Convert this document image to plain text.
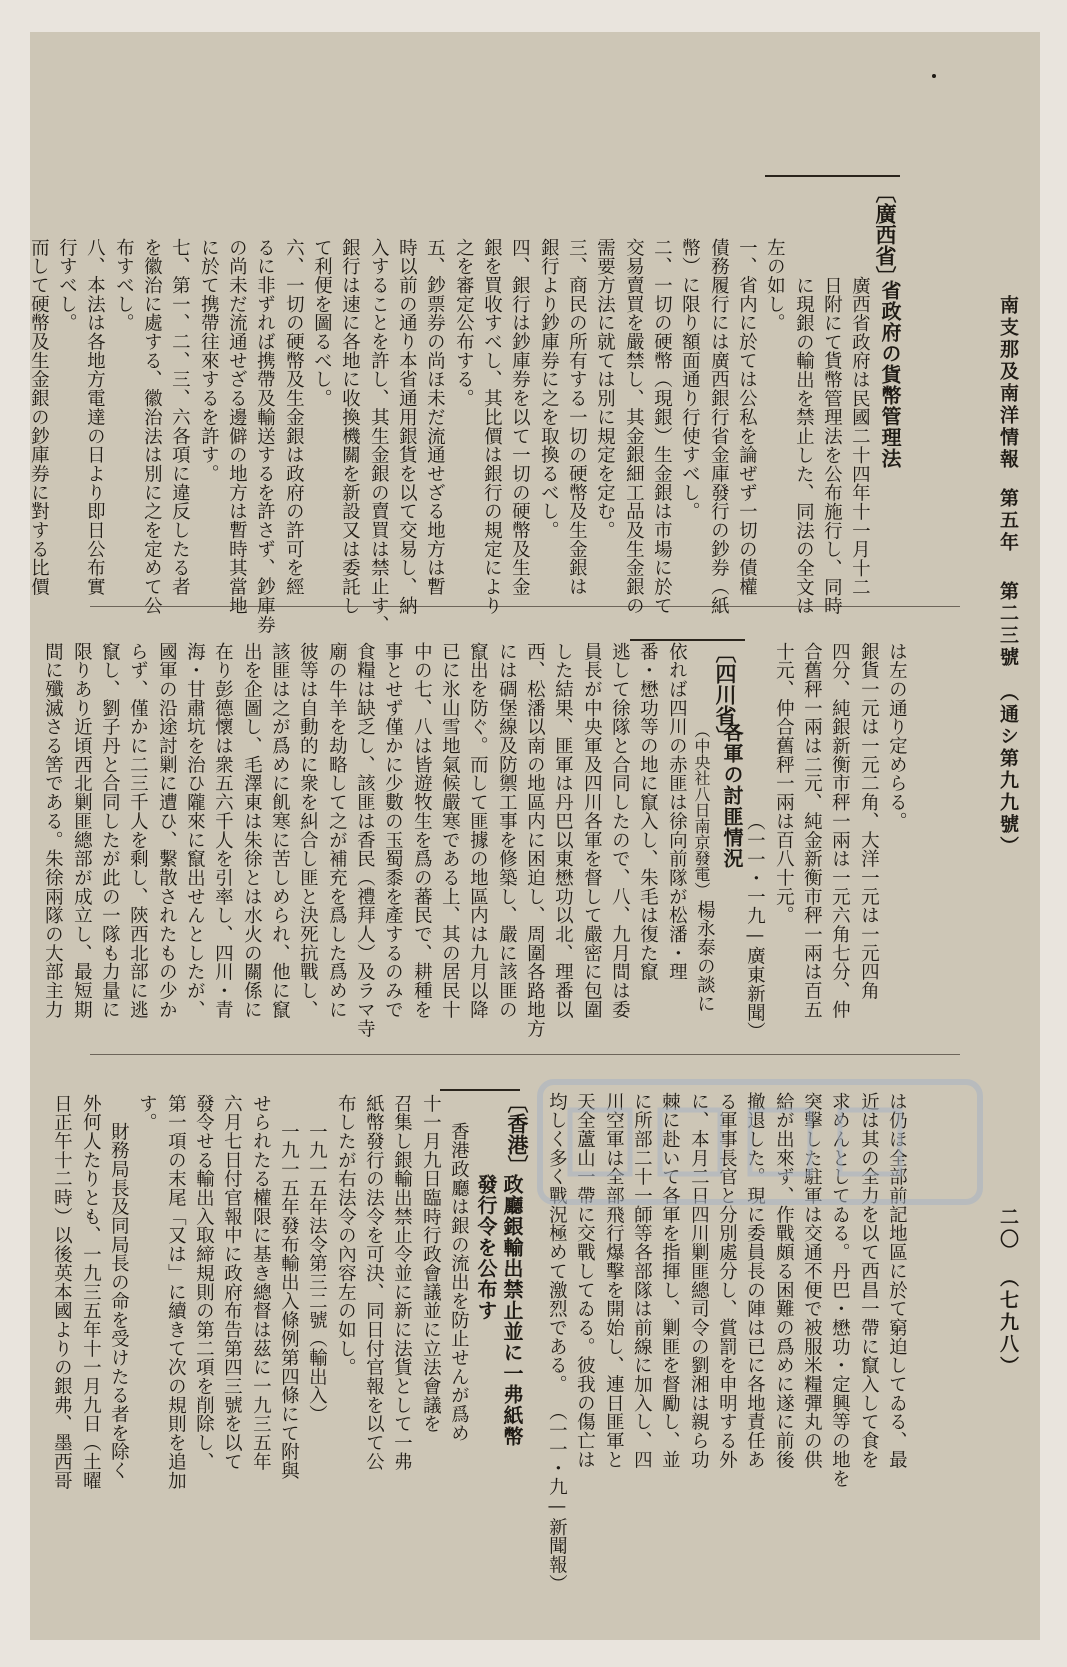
南支那及南洋情報
第五年
第二三號
（通シ第九九號）
二〇
（七九八）
〔廣西省〕
省政府の貨幣管理法
廣西省政府は民國二十四年十一月十二
日附にて貨幣管理法を公布施行し、同時
に現銀の輸出を禁止した、同法の全文は
左の如し。
一、省内に於ては公私を論ぜず一切の債權
債務履行には廣西銀行省金庫發行の鈔券（紙
幣）に限り額面通り行使すべし。
二、一切の硬幣（現銀）生金銀は市場に於て
交易賣買を嚴禁し、其金銀細工品及生金銀の
需要方法に就ては別に規定を定む。
三、商民の所有する一切の硬幣及生金銀は
銀行より鈔庫券に之を取換るべし。
四、銀行は鈔庫券を以て一切の硬幣及生金
銀を買收すべし、其比價は銀行の規定により
之を審定公布する。
五、鈔票券の尚ほ未だ流通せざる地方は暫
時以前の通り本省通用銀貨を以て交易し、納
入することを許し、其生金銀の賣買は禁止す、
銀行は速に各地に收換機關を新設又は委託し
て利便を圖るべし。
六、一切の硬幣及生金銀は政府の許可を經
るに非ずれば携帶及輸送するを許さず、鈔庫券
の尚未だ流通せざる邊僻の地方は暫時其當地
に於て携帶往來するを許す。
七、第一、二、三、六各項に違反したる者
を徽治に處する、徽治法は別に之を定めて公
布すべし。
八、本法は各地方電達の日より即日公布實
行すべし。
而して硬幣及生金銀の鈔庫券に對する比價
は左の通り定めらる。
銀貨一元は一元二角、大洋一元は一元四角
四分、純銀新衡市秤一兩は一元六角七分、仲
合舊秤一兩は二元、純金新衡市秤一兩は百五
十元、仲合舊秤一兩は百八十元。
（一一・一九—廣東新聞）
各軍の討匪情況
（中央社八日南京發電）
〔四川省〕
楊永泰の談に
依れば四川の赤匪は徐向前隊が松潘・理
番・懋功等の地に竄入し、朱毛は復た竄
逃して徐隊と合同したので、八、九月間は委
員長が中央軍及四川各軍を督して嚴密に包圍
した結果、匪軍は丹巴以東懋功以北、理番以
西、松潘以南の地區内に困迫し、周圍各路地方
には碉堡線及防禦工事を修築し、嚴に該匪の
竄出を防ぐ。而して匪據の地區内は九月以降
已に氷山雪地氣候嚴寒である上、其の居民十
中の七、八は皆遊牧生を爲の蕃民で、耕種を
事とせず僅かに少數の玉蜀黍を產するのみで
食糧は缺乏し、該匪は香民（禮拜人）及ラマ寺
廟の牛羊を劫略して之が補充を爲した爲めに
彼等は自動的に衆を糾合し匪と決死抗戰し、
該匪は之が爲めに飢寒に苦しめられ、他に竄
出を企圖し、毛澤東は朱徐とは水火の關係に
在り彭德懷は衆五六千人を引率し、四川・青
海・甘肅坑を治ひ隴來に竄出せんとしたが、
國軍の沿途討剿に遭ひ、繫散されたもの少か
らず、僅かに二三千人を剩し、陝西北部に逃
竄し、劉子丹と合同したが此の一隊も力量に
限りあり近頃西北剿匪總部が成立し、最短期
間に殲滅さる筈である。朱徐兩隊の大部主力
は仍ほ全部前記地區に於て窮迫してゐる、最
近は其の全力を以て西昌一帶に竄入して食を
求めんとしてゐる。丹巴・懋功・定興等の地を
突擊した駐軍は交通不便で被服米糧彈丸の供
給が出來ず、作戰頗る困難の爲めに遂に前後
撤退した。現に委員長の陣は已に各地責任あ
る軍事長官と分別處分し、賞罰を申明する外
に、本月二日四川剿匪總司令の劉湘は親ら功
棘に赴いて各軍を指揮し、剿匪を督勵し、並
に所部二十一師等各部隊は前線に加入し、四
川空軍は全部飛行爆擊を開始し、連日匪軍と
天全蘆山一帶に交戰してゐる。彼我の傷亡は
均しく多く戰況極めて激烈である。
（一一・九—新聞報）
〔香港〕
政廳銀輸出禁止並に一弗紙幣
發行令を公布す
香港政廳は銀の流出を防止せんが爲め
十一月九日臨時行政會議並に立法會議を
召集し銀輸出禁止令並に新に法貨として一弗
紙幣發行の法令を可決、同日付官報を以て公
布したが右法令の內容左の如し。
一九一五年法令第三二號（輸出入）
一九一五年發布輸出入條例第四條にて附與
せられたる權限に基き總督は茲に一九三五年
六月七日付官報中に政府布告第四三號を以て
發令せる輸出入取締規則の第二項を削除し、
第一項の末尾「又は」に續きて次の規則を追加
す。
財務局長及同局長の命を受けたる者を除く
外何人たりとも、一九三五年十一月九日（土曜
日正午十二時）以後英本國よりの銀弗、墨西哥
